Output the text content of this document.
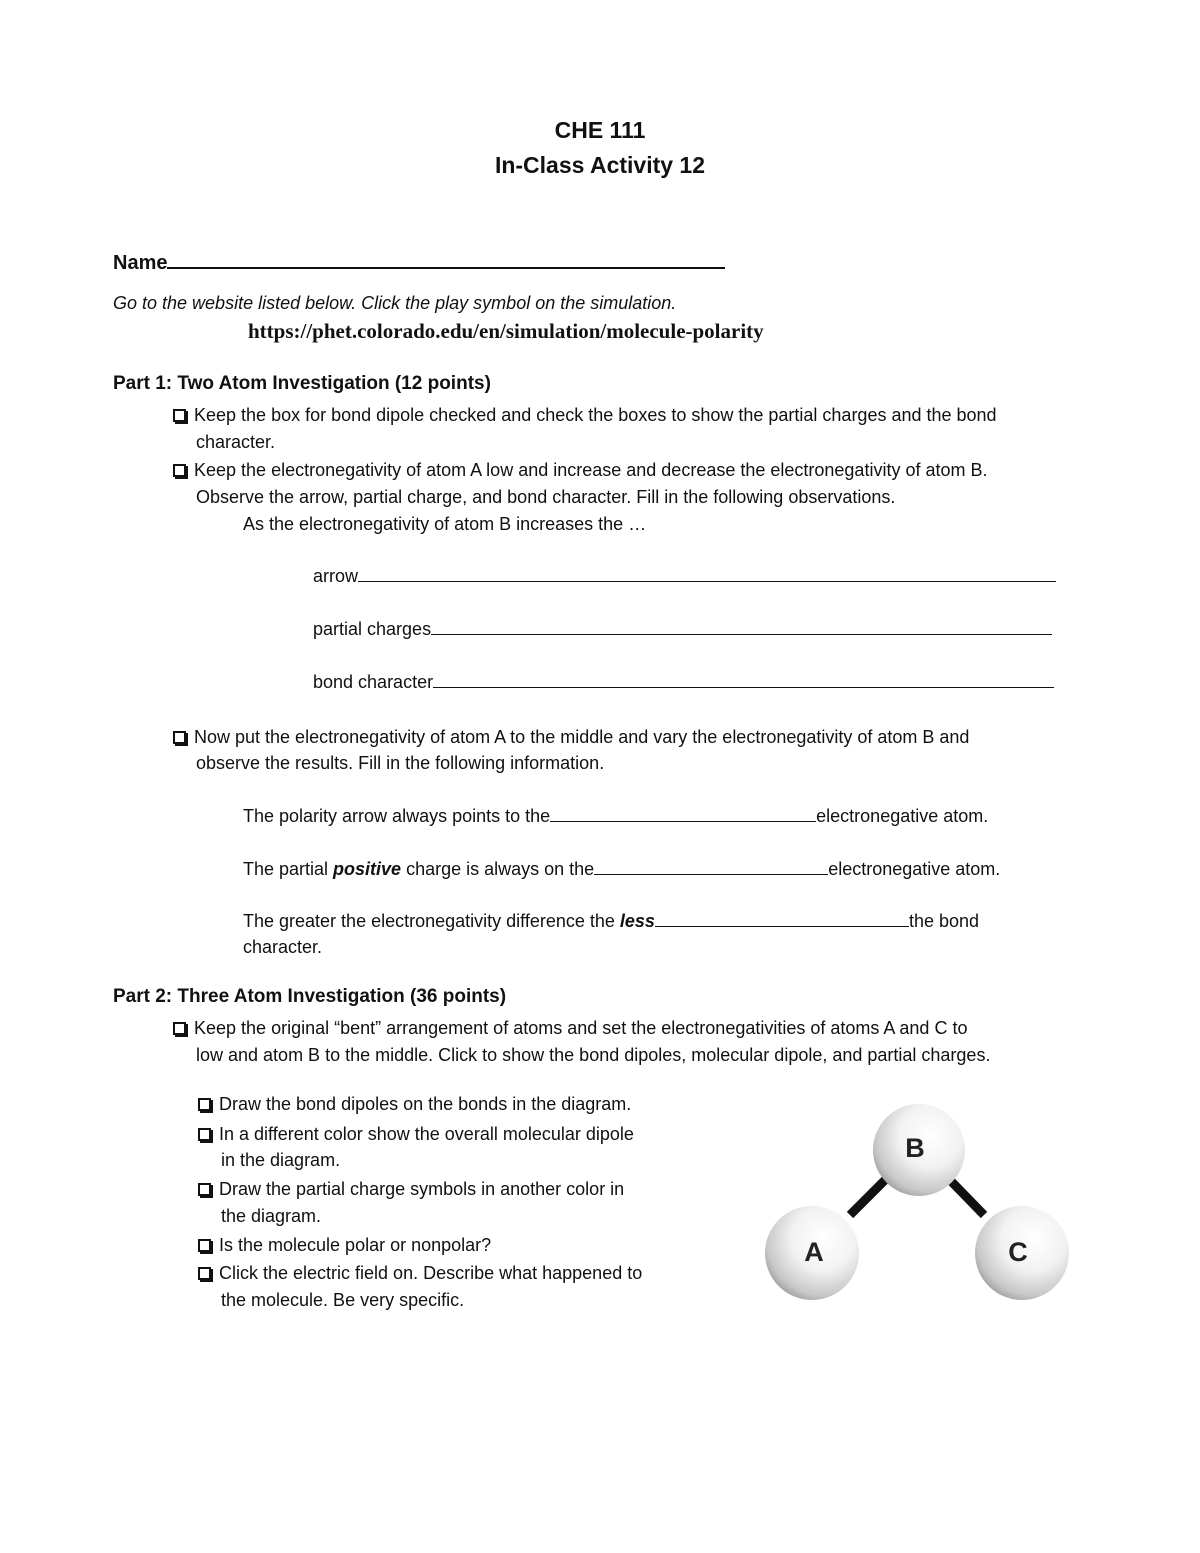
CHE 111
In-Class Activity 12
Name
Go to the website listed below. Click the play symbol on the simulation.
https://phet.colorado.edu/en/simulation/molecule-polarity
Part 1: Two Atom Investigation (12 points)
Keep the box for bond dipole checked and check the boxes to show the partial charges and the bond
character.
Keep the electronegativity of atom A low and increase and decrease the electronegativity of atom B.
Observe the arrow, partial charge, and bond character. Fill in the following observations.
As the electronegativity of atom B increases the …
arrow
partial charges
bond character
Now put the electronegativity of atom A to the middle and vary the electronegativity of atom B and
observe the results. Fill in the following information.
The polarity arrow always points to the	electronegative atom.
The partial positive charge is always on the	electronegative atom.
The greater the electronegativity difference the less	the bond
character.
Part 2: Three Atom Investigation (36 points)
Keep the original “bent” arrangement of atoms and set the electronegativities of atoms A and C to
low and atom B to the middle. Click to show the bond dipoles, molecular dipole, and partial charges.
Draw the bond dipoles on the bonds in the diagram.
In a different color show the overall molecular dipole
in the diagram.
Draw the partial charge symbols in another color in
the diagram.
Is the molecule polar or nonpolar?
Click the electric field on. Describe what happened to
the molecule. Be very specific.
A
B
C
